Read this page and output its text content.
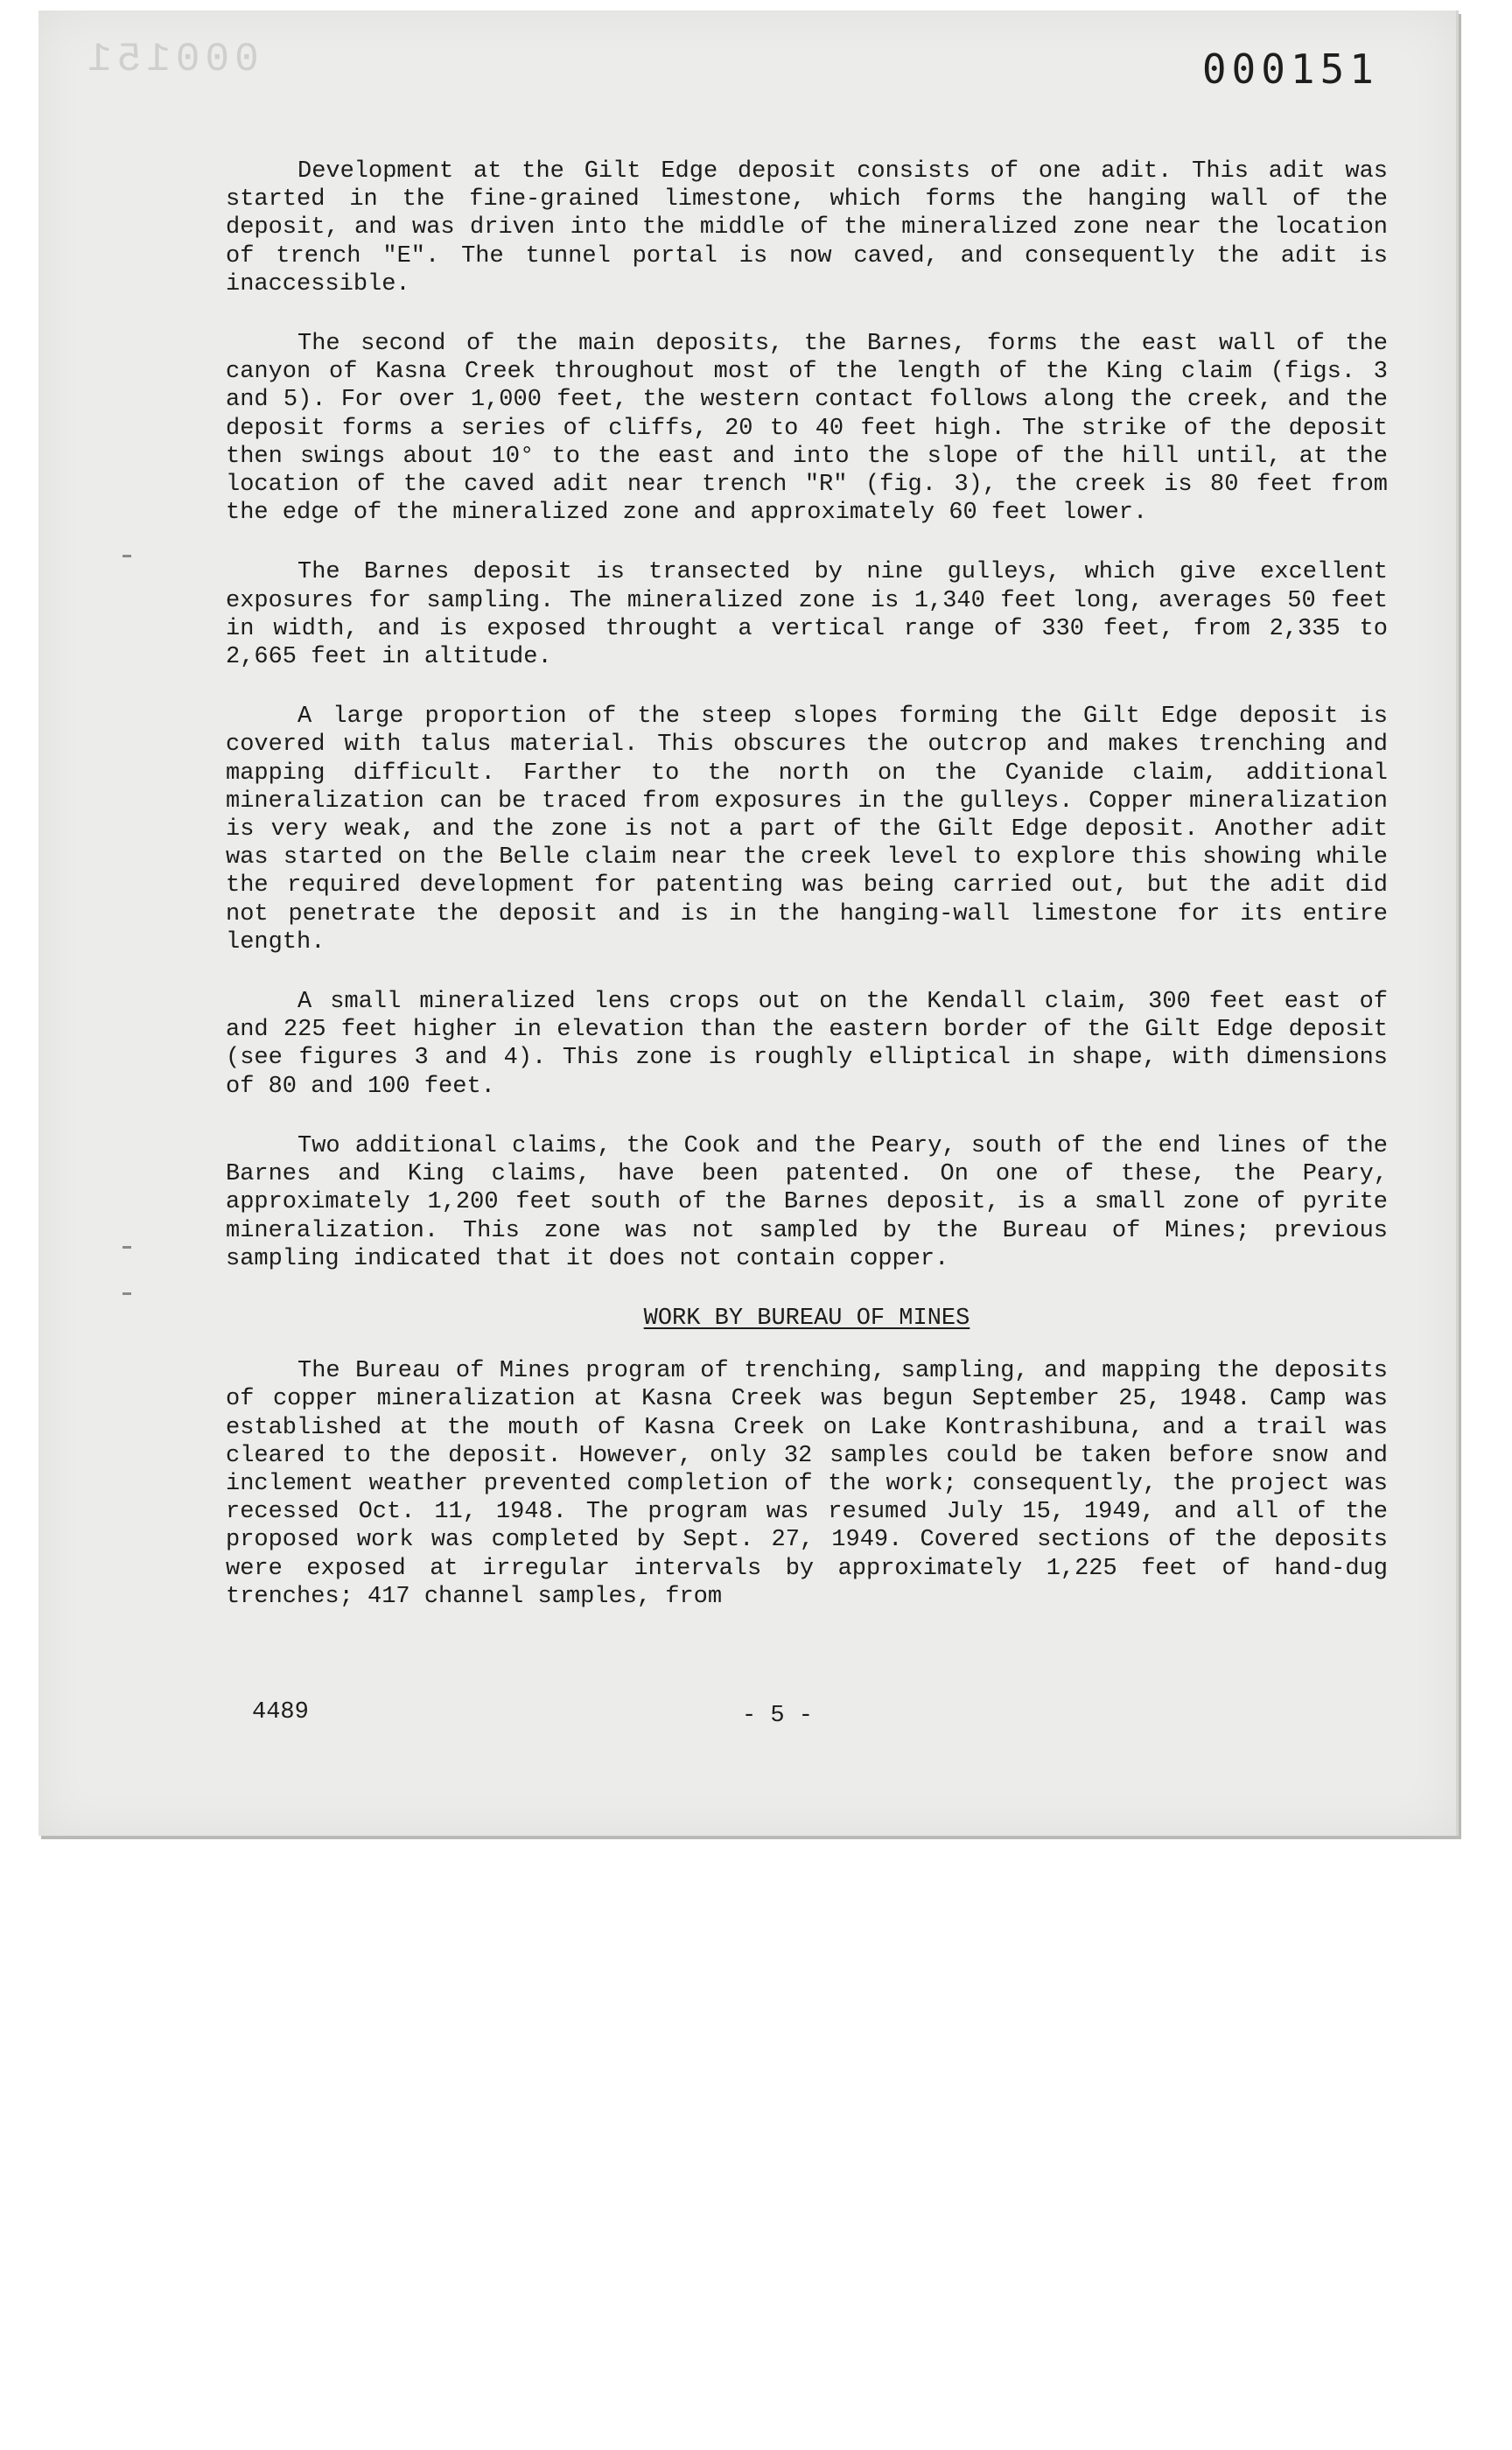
000151	000151

Development at the Gilt Edge deposit consists of one adit. This adit was started in the fine-grained limestone, which forms the hanging wall of the deposit, and was driven into the middle of the mineralized zone near the location of trench "E". The tunnel portal is now caved, and consequently the adit is inaccessible.

The second of the main deposits, the Barnes, forms the east wall of the canyon of Kasna Creek throughout most of the length of the King claim (figs. 3 and 5). For over 1,000 feet, the western contact follows along the creek, and the deposit forms a series of cliffs, 20 to 40 feet high. The strike of the deposit then swings about 10° to the east and into the slope of the hill until, at the location of the caved adit near trench "R" (fig. 3), the creek is 80 feet from the edge of the mineralized zone and approximately 60 feet lower.

The Barnes deposit is transected by nine gulleys, which give excellent exposures for sampling. The mineralized zone is 1,340 feet long, averages 50 feet in width, and is exposed throught a vertical range of 330 feet, from 2,335 to 2,665 feet in altitude.

A large proportion of the steep slopes forming the Gilt Edge deposit is covered with talus material. This obscures the outcrop and makes trenching and mapping difficult. Farther to the north on the Cyanide claim, additional mineralization can be traced from exposures in the gulleys. Copper mineralization is very weak, and the zone is not a part of the Gilt Edge deposit. Another adit was started on the Belle claim near the creek level to explore this showing while the required development for patenting was being carried out, but the adit did not penetrate the deposit and is in the hanging-wall limestone for its entire length.

A small mineralized lens crops out on the Kendall claim, 300 feet east of and 225 feet higher in elevation than the eastern border of the Gilt Edge deposit (see figures 3 and 4). This zone is roughly elliptical in shape, with dimensions of 80 and 100 feet.

Two additional claims, the Cook and the Peary, south of the end lines of the Barnes and King claims, have been patented. On one of these, the Peary, approximately 1,200 feet south of the Barnes deposit, is a small zone of pyrite mineralization. This zone was not sampled by the Bureau of Mines; previous sampling indicated that it does not contain copper.

WORK BY BUREAU OF MINES

The Bureau of Mines program of trenching, sampling, and mapping the deposits of copper mineralization at Kasna Creek was begun September 25, 1948. Camp was established at the mouth of Kasna Creek on Lake Kontrashibuna, and a trail was cleared to the deposit. However, only 32 samples could be taken before snow and inclement weather prevented completion of the work; consequently, the project was recessed Oct. 11, 1948. The program was resumed July 15, 1949, and all of the proposed work was completed by Sept. 27, 1949. Covered sections of the deposits were exposed at irregular intervals by approximately 1,225 feet of hand-dug trenches; 417 channel samples, from

4489	- 5 -
